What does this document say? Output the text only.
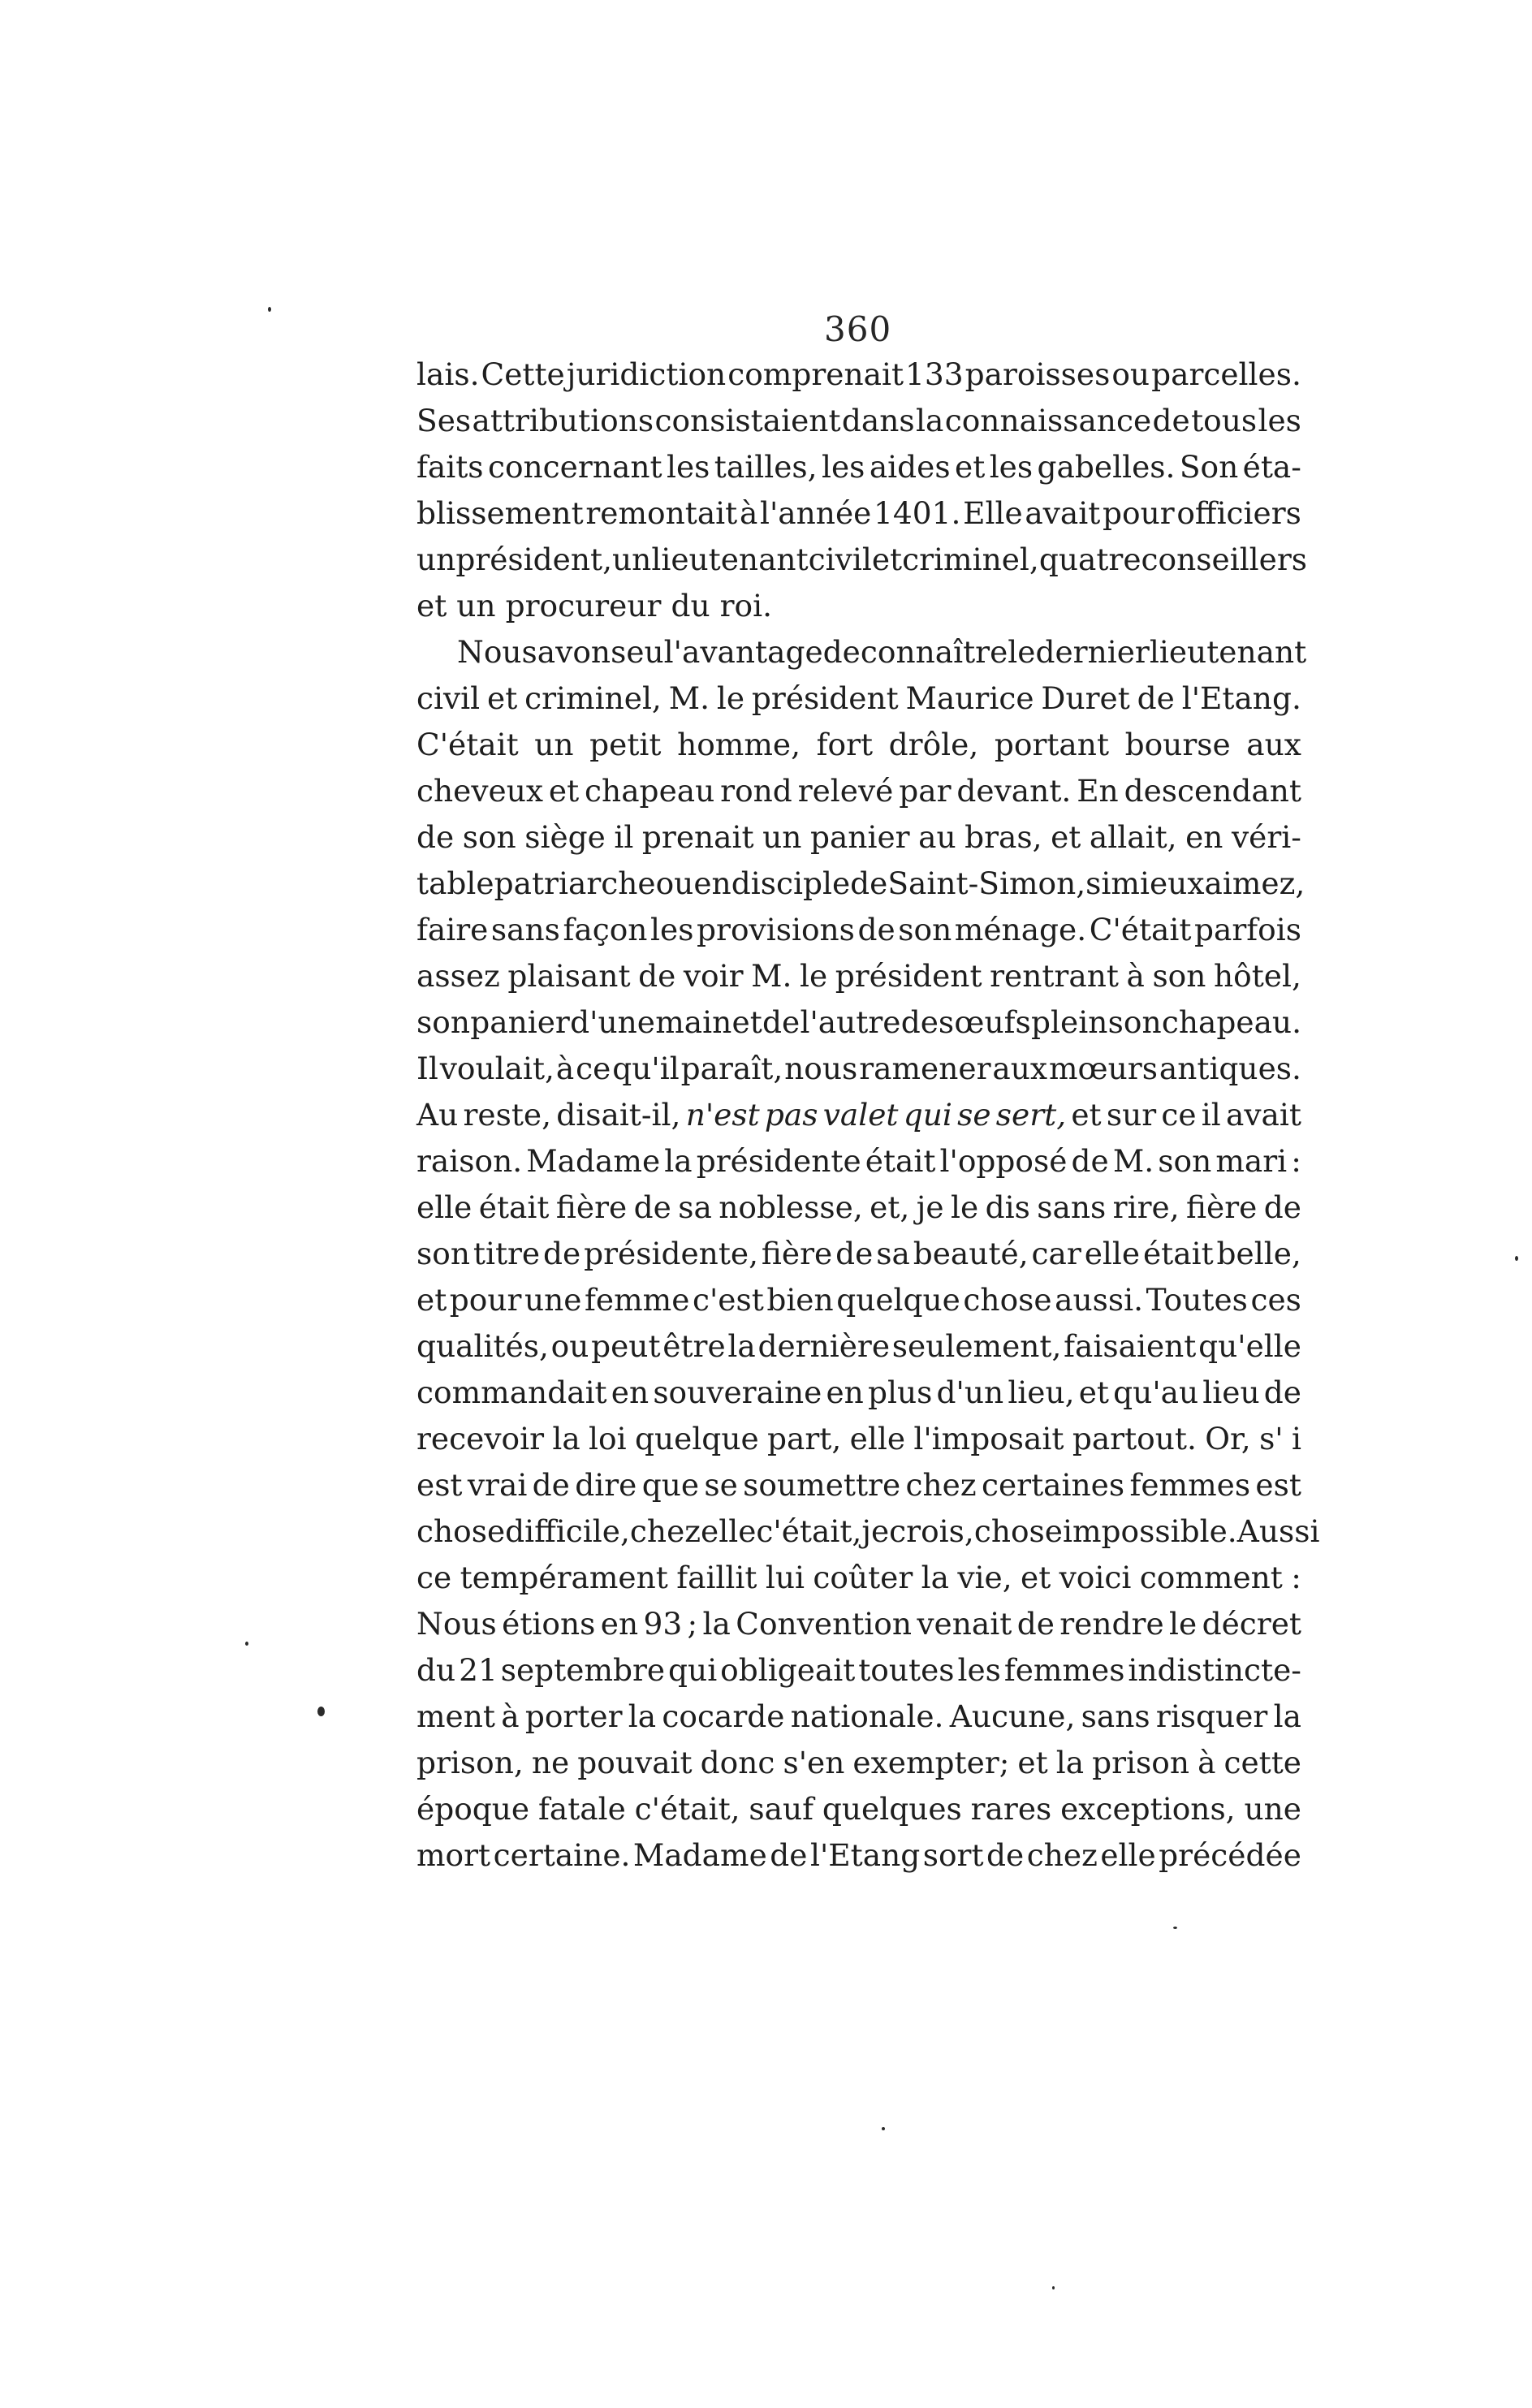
360
lais. Cette juridiction comprenait 133 paroisses ou parcelles.
Ses attributions consistaient dans la connaissance de tous les
faits concernant les tailles, les aides et les gabelles. Son éta-
blissement remontait à l'année 1401. Elle avait pour officiers
un président, un lieutenant civil et criminel, quatre conseillers
et un procureur du roi.
Nous avons eu l'avantage de connaître le dernier lieutenant
civil et criminel, M. le président Maurice Duret de l'Etang.
C'était un petit homme, fort drôle, portant bourse aux
cheveux et chapeau rond relevé par devant. En descendant
de son siège il prenait un panier au bras, et allait, en véri-
table patriarche ou en disciple de Saint-Simon, si mieux aimez,
faire sans façon les provisions de son ménage. C'était parfois
assez plaisant de voir M. le président rentrant à son hôtel,
son panier d'une main et de l'autre des œufs plein son chapeau.
Il voulait, à ce qu'il paraît, nous ramener aux mœurs antiques.
Au reste, disait-il, n'est pas valet qui se sert, et sur ce il avait
raison. Madame la présidente était l'opposé de M. son mari :
elle était fière de sa noblesse, et, je le dis sans rire, fière de
son titre de présidente, fière de sa beauté, car elle était belle,
et pour une femme c'est bien quelque chose aussi. Toutes ces
qualités, ou peut être la dernière seulement, faisaient qu'elle
commandait en souveraine en plus d'un lieu, et qu'au lieu de
recevoir la loi quelque part, elle l'imposait partout. Or, s' i
est vrai de dire que se soumettre chez certaines femmes est
chose difficile, chez elle c'était, je crois, chose impossible. Aussi
ce tempérament faillit lui coûter la vie, et voici comment :
Nous étions en 93 ; la Convention venait de rendre le décret
du 21 septembre qui obligeait toutes les femmes indistincte-
ment à porter la cocarde nationale. Aucune, sans risquer la
prison, ne pouvait donc s'en exempter; et la prison à cette
époque fatale c'était, sauf quelques rares exceptions, une
mort certaine. Madame de l'Etang sort de chez elle précédée
